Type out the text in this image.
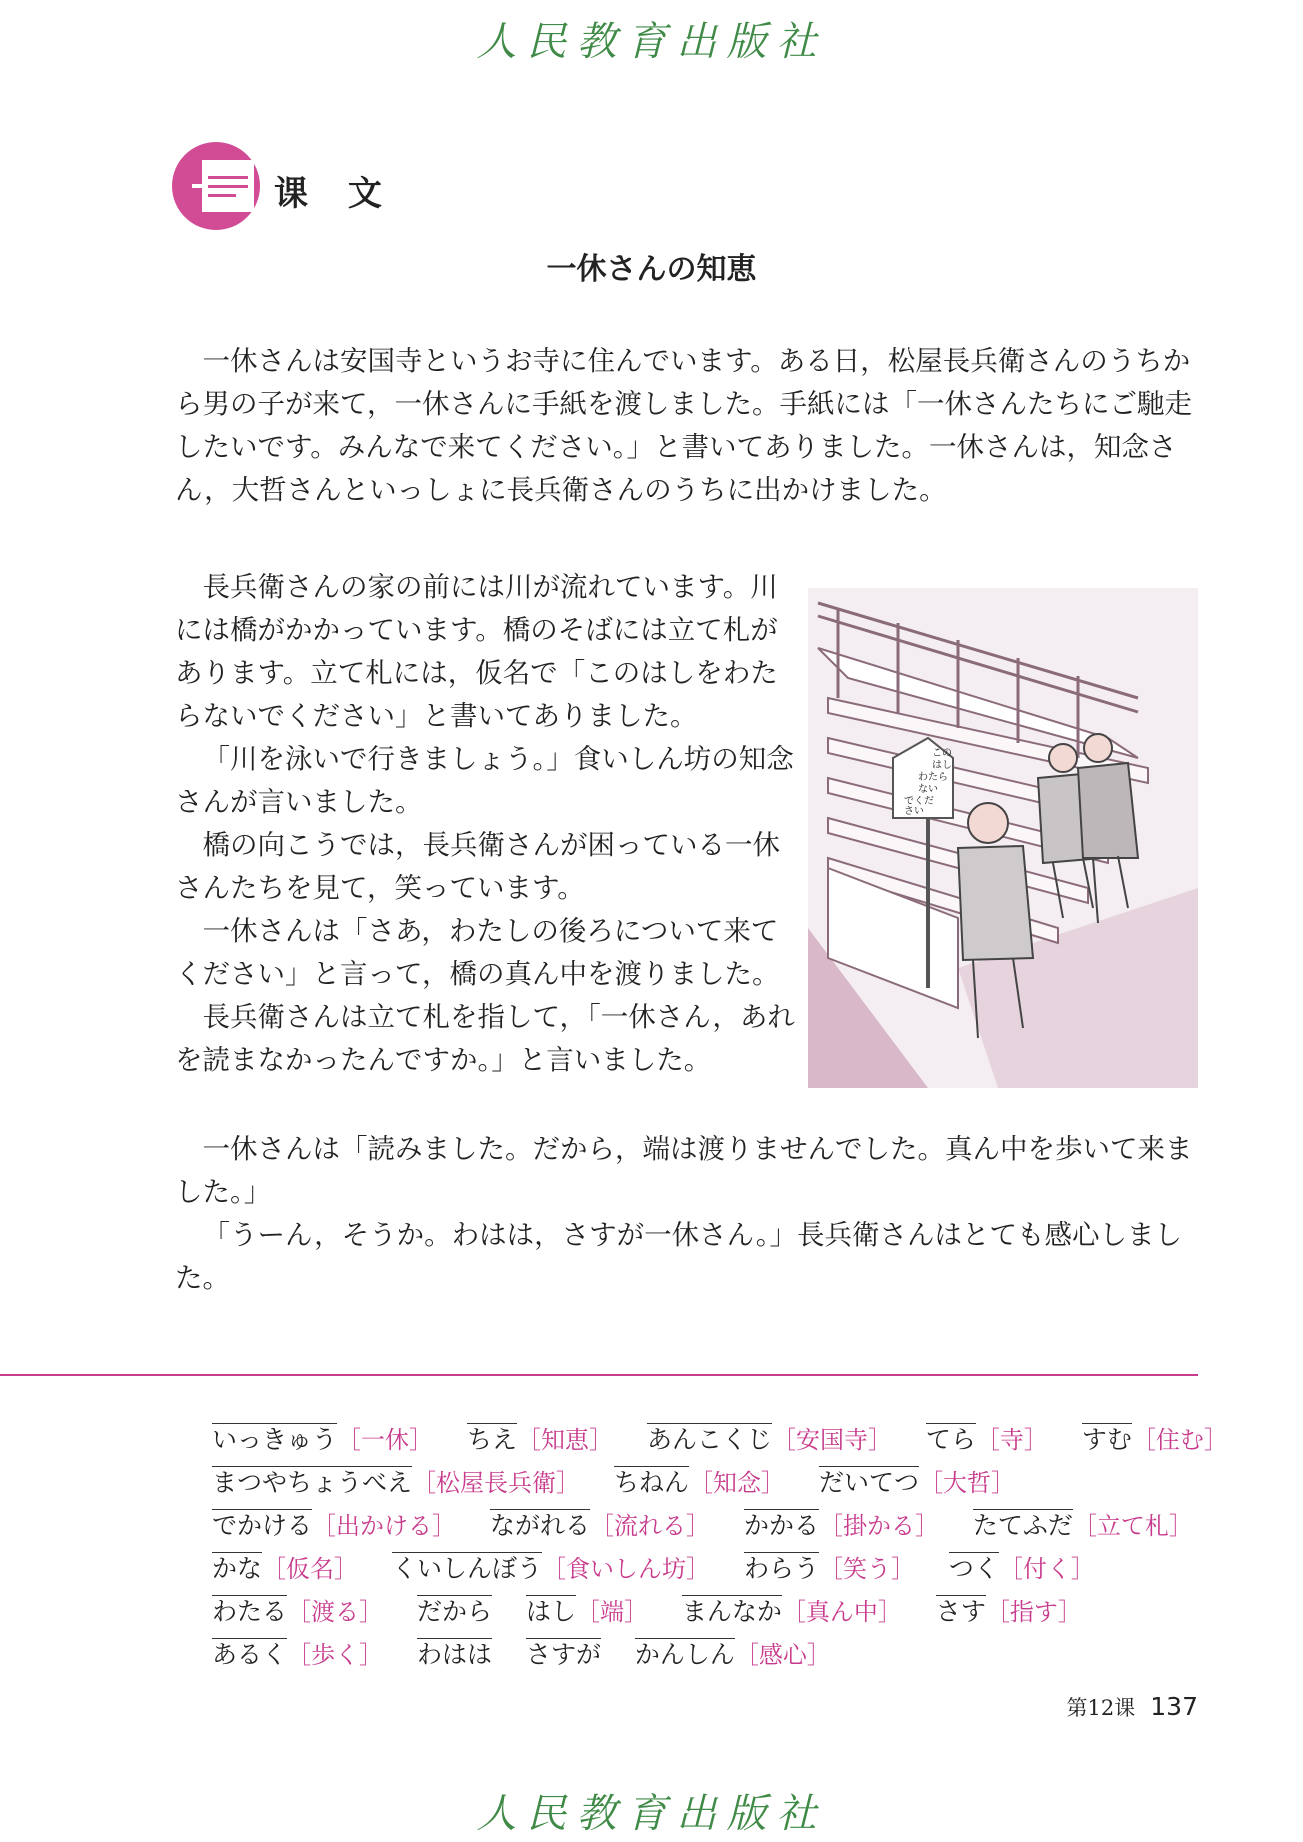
人民教育出版社
课 文
一休さんの知恵

一休さんは安国寺というお寺に住んでいます。ある日，松屋長兵衛さんのうちから男の子が来て，一休さんに手紙を渡しました。手紙には「一休さんたちにご馳走したいです。みんなで来てください。」と書いてありました。一休さんは，知念さん，大哲さんといっしょに長兵衛さんのうちに出かけました。

長兵衛さんの家の前には川が流れています。川には橋がかかっています。橋のそばには立て札があります。立て札には，仮名で「このはしをわたらないでください」と書いてありました。

「川を泳いで行きましょう。」食いしん坊の知念さんが言いました。

橋の向こうでは，長兵衛さんが困っている一休さんたちを見て，笑っています。

一休さんは「さあ，わたしの後ろについて来てください」と言って，橋の真ん中を渡りました。

長兵衛さんは立て札を指して，「一休さん，あれを読まなかったんですか。」と言いました。

この
はし
わたら
ない
でくだ
さい

一休さんは「読みました。だから，端は渡りませんでした。真ん中を歩いて来ました。」

「うーん，そうか。わはは，さすが一休さん。」長兵衛さんはとても感心しました。

いっきゅう［一休］ ちえ［知恵］ あんこくじ［安国寺］ てら［寺］ すむ［住む］
まつやちょうべえ［松屋長兵衛］ ちねん［知念］ だいてつ［大哲］
でかける［出かける］ ながれる［流れる］ かかる［掛かる］ たてふだ［立て札］
かな［仮名］ くいしんぼう［食いしん坊］ わらう［笑う］ つく［付く］
わたる［渡る］ だから はし［端］ まんなか［真ん中］ さす［指す］
あるく［歩く］ わはは さすが かんしん［感心］
第12课 137
人民教育出版社
